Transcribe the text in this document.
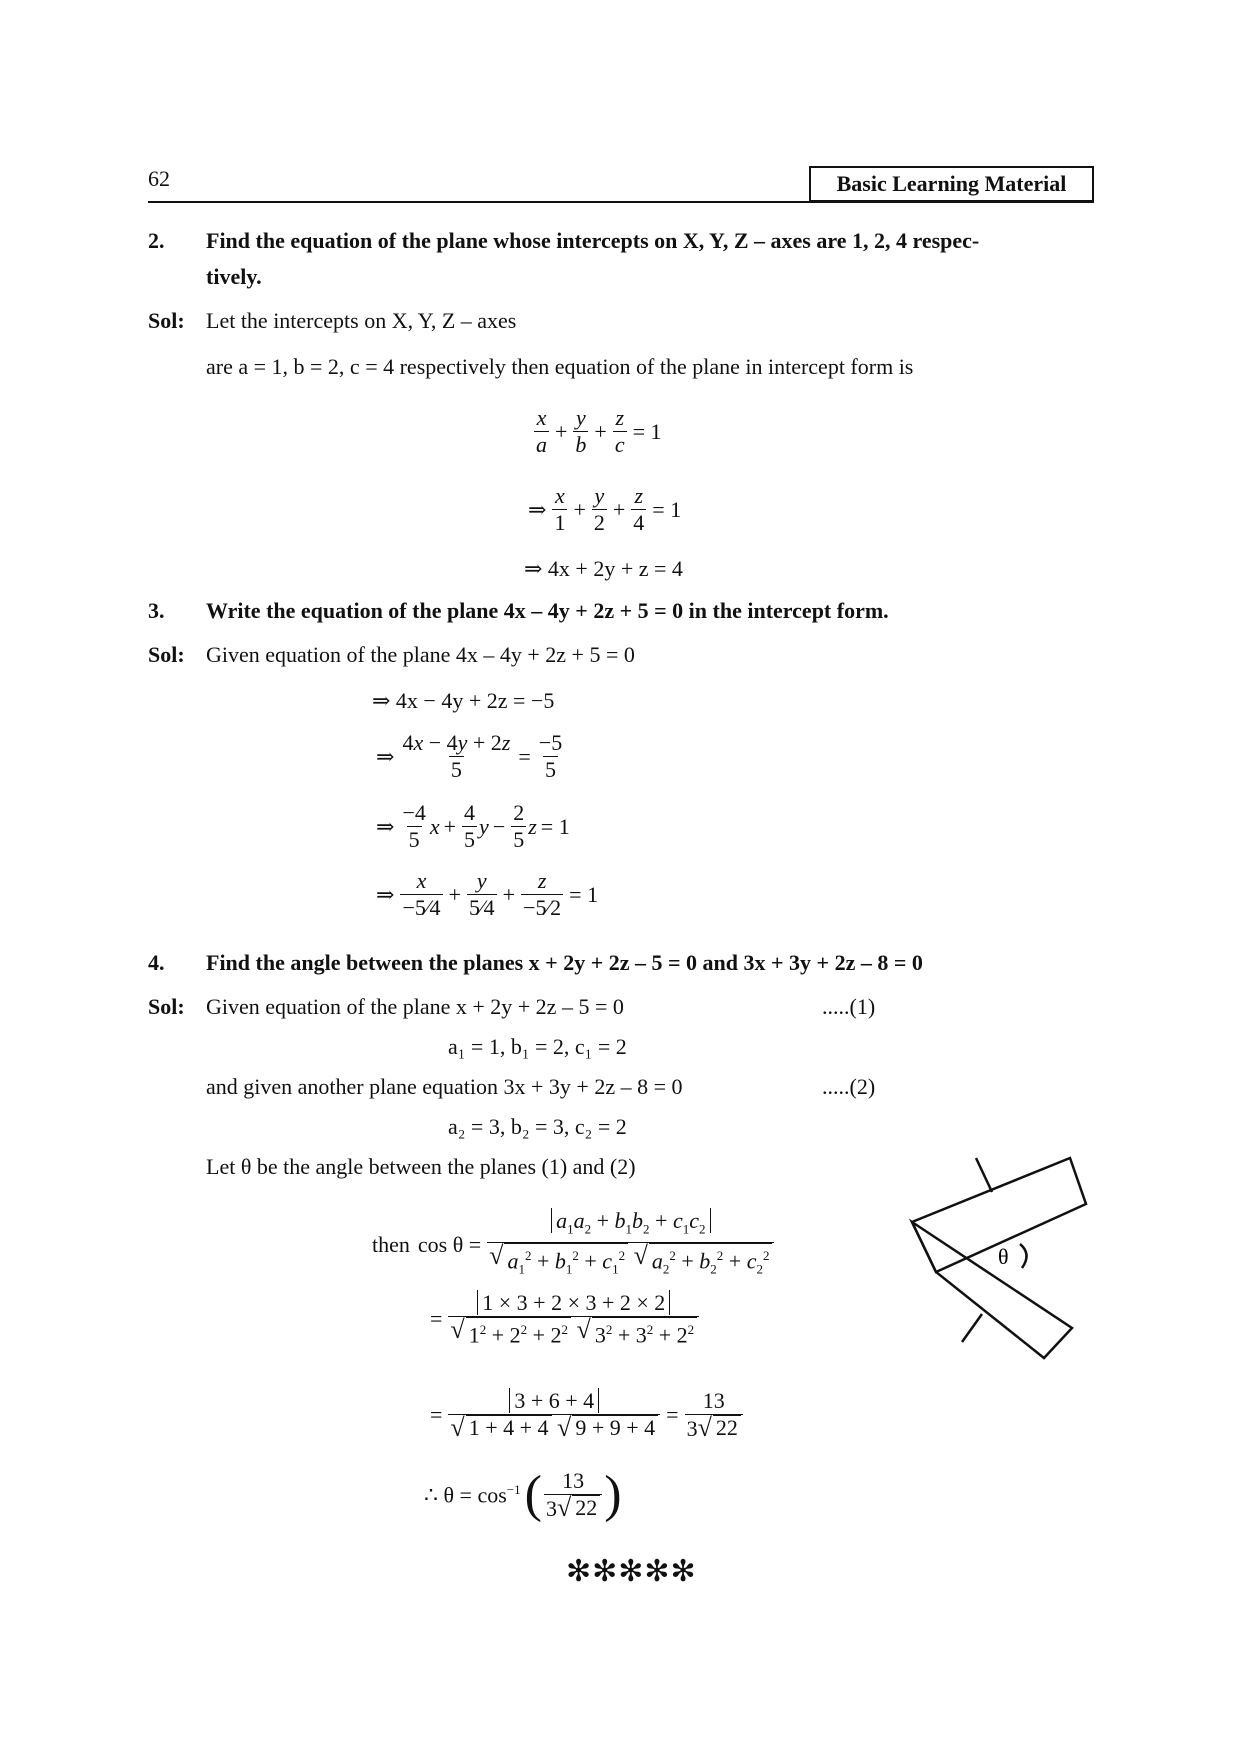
62	Basic Learning Material
2. Find the equation of the plane whose intercepts on X, Y, Z – axes are 1, 2, 4 respec-
tively.
Sol: Let the intercepts on X, Y, Z – axes
are a = 1, b = 2, c = 4 respectively then equation of the plane in intercept form is
$\frac{x}{a} + \frac{y}{b} + \frac{z}{c} = 1$
⇒ $\frac{x}{1} + \frac{y}{2} + \frac{z}{4} = 1$
⇒ 4x + 2y + z = 4
3. Write the equation of the plane 4x – 4y + 2z + 5 = 0 in the intercept form.
Sol: Given equation of the plane 4x – 4y + 2z + 5 = 0
⇒ 4x − 4y + 2z = −5
⇒ $\frac{4x - 4y + 2z}{5} = \frac{-5}{5}$
⇒ $\frac{-4}{5}$ $x + \frac{4}{5}$ $y - \frac{2}{5}$ z = 1
⇒ $\frac{x}{-5⁄4} + \frac{y}{5⁄4} + \frac{z}{-5⁄2} = 1$
4. Find the angle between the planes x + 2y + 2z – 5 = 0 and 3x + 3y + 2z – 8 = 0
Sol: Given equation of the plane x + 2y + 2z – 5 = 0	.....(1)
a₁ = 1, b₁ = 2, c₁ = 2
and given another plane equation 3x + 3y + 2z – 8 = 0	.....(2)
a₂ = 3, b₂ = 3, c₂ = 2
Let θ be the angle between the planes (1) and (2)
then $\cos \theta = a_1a_2 + b_1b_2 + c_1c_2$
√ $a_1^2 + b_1^2 + c_1^2$
√ $a_2^2 + b_2^2 + c_2^2$
= 1 × 3 + 2 × 3 + 2 × 2
√ $1^2 + 2^2 + 2^2$
√ $3^2 + 3^2 + 2^2$
= 3 + 6 + 4
√ 1 + 4 + 4
√ $9 + 9 + 4 = \frac{13}{3 √ 22}$
∴ $\theta = \cos^{-1}$ ( $\frac{13}{3 √ 22}$ )
✻✻✻✻✻
θ
